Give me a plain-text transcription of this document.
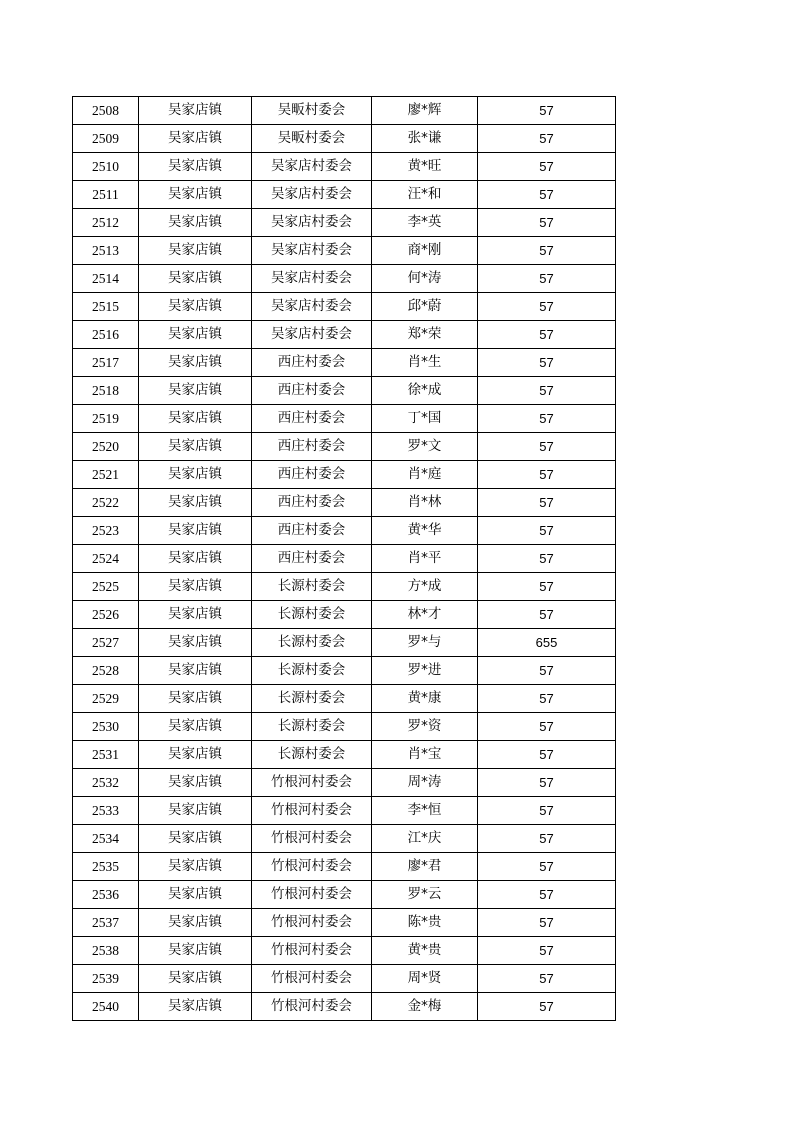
2508	吴家店镇	吴畈村委会	廖*辉	57
2509	吴家店镇	吴畈村委会	张*谦	57
2510	吴家店镇	吴家店村委会	黄*旺	57
2511	吴家店镇	吴家店村委会	汪*和	57
2512	吴家店镇	吴家店村委会	李*英	57
2513	吴家店镇	吴家店村委会	商*刚	57
2514	吴家店镇	吴家店村委会	何*涛	57
2515	吴家店镇	吴家店村委会	邱*蔚	57
2516	吴家店镇	吴家店村委会	郑*荣	57
2517	吴家店镇	西庄村委会	肖*生	57
2518	吴家店镇	西庄村委会	徐*成	57
2519	吴家店镇	西庄村委会	丁*国	57
2520	吴家店镇	西庄村委会	罗*文	57
2521	吴家店镇	西庄村委会	肖*庭	57
2522	吴家店镇	西庄村委会	肖*林	57
2523	吴家店镇	西庄村委会	黄*华	57
2524	吴家店镇	西庄村委会	肖*平	57
2525	吴家店镇	长源村委会	方*成	57
2526	吴家店镇	长源村委会	林*才	57
2527	吴家店镇	长源村委会	罗*与	655
2528	吴家店镇	长源村委会	罗*进	57
2529	吴家店镇	长源村委会	黄*康	57
2530	吴家店镇	长源村委会	罗*资	57
2531	吴家店镇	长源村委会	肖*宝	57
2532	吴家店镇	竹根河村委会	周*涛	57
2533	吴家店镇	竹根河村委会	李*恒	57
2534	吴家店镇	竹根河村委会	江*庆	57
2535	吴家店镇	竹根河村委会	廖*君	57
2536	吴家店镇	竹根河村委会	罗*云	57
2537	吴家店镇	竹根河村委会	陈*贵	57
2538	吴家店镇	竹根河村委会	黄*贵	57
2539	吴家店镇	竹根河村委会	周*贤	57
2540	吴家店镇	竹根河村委会	金*梅	57
